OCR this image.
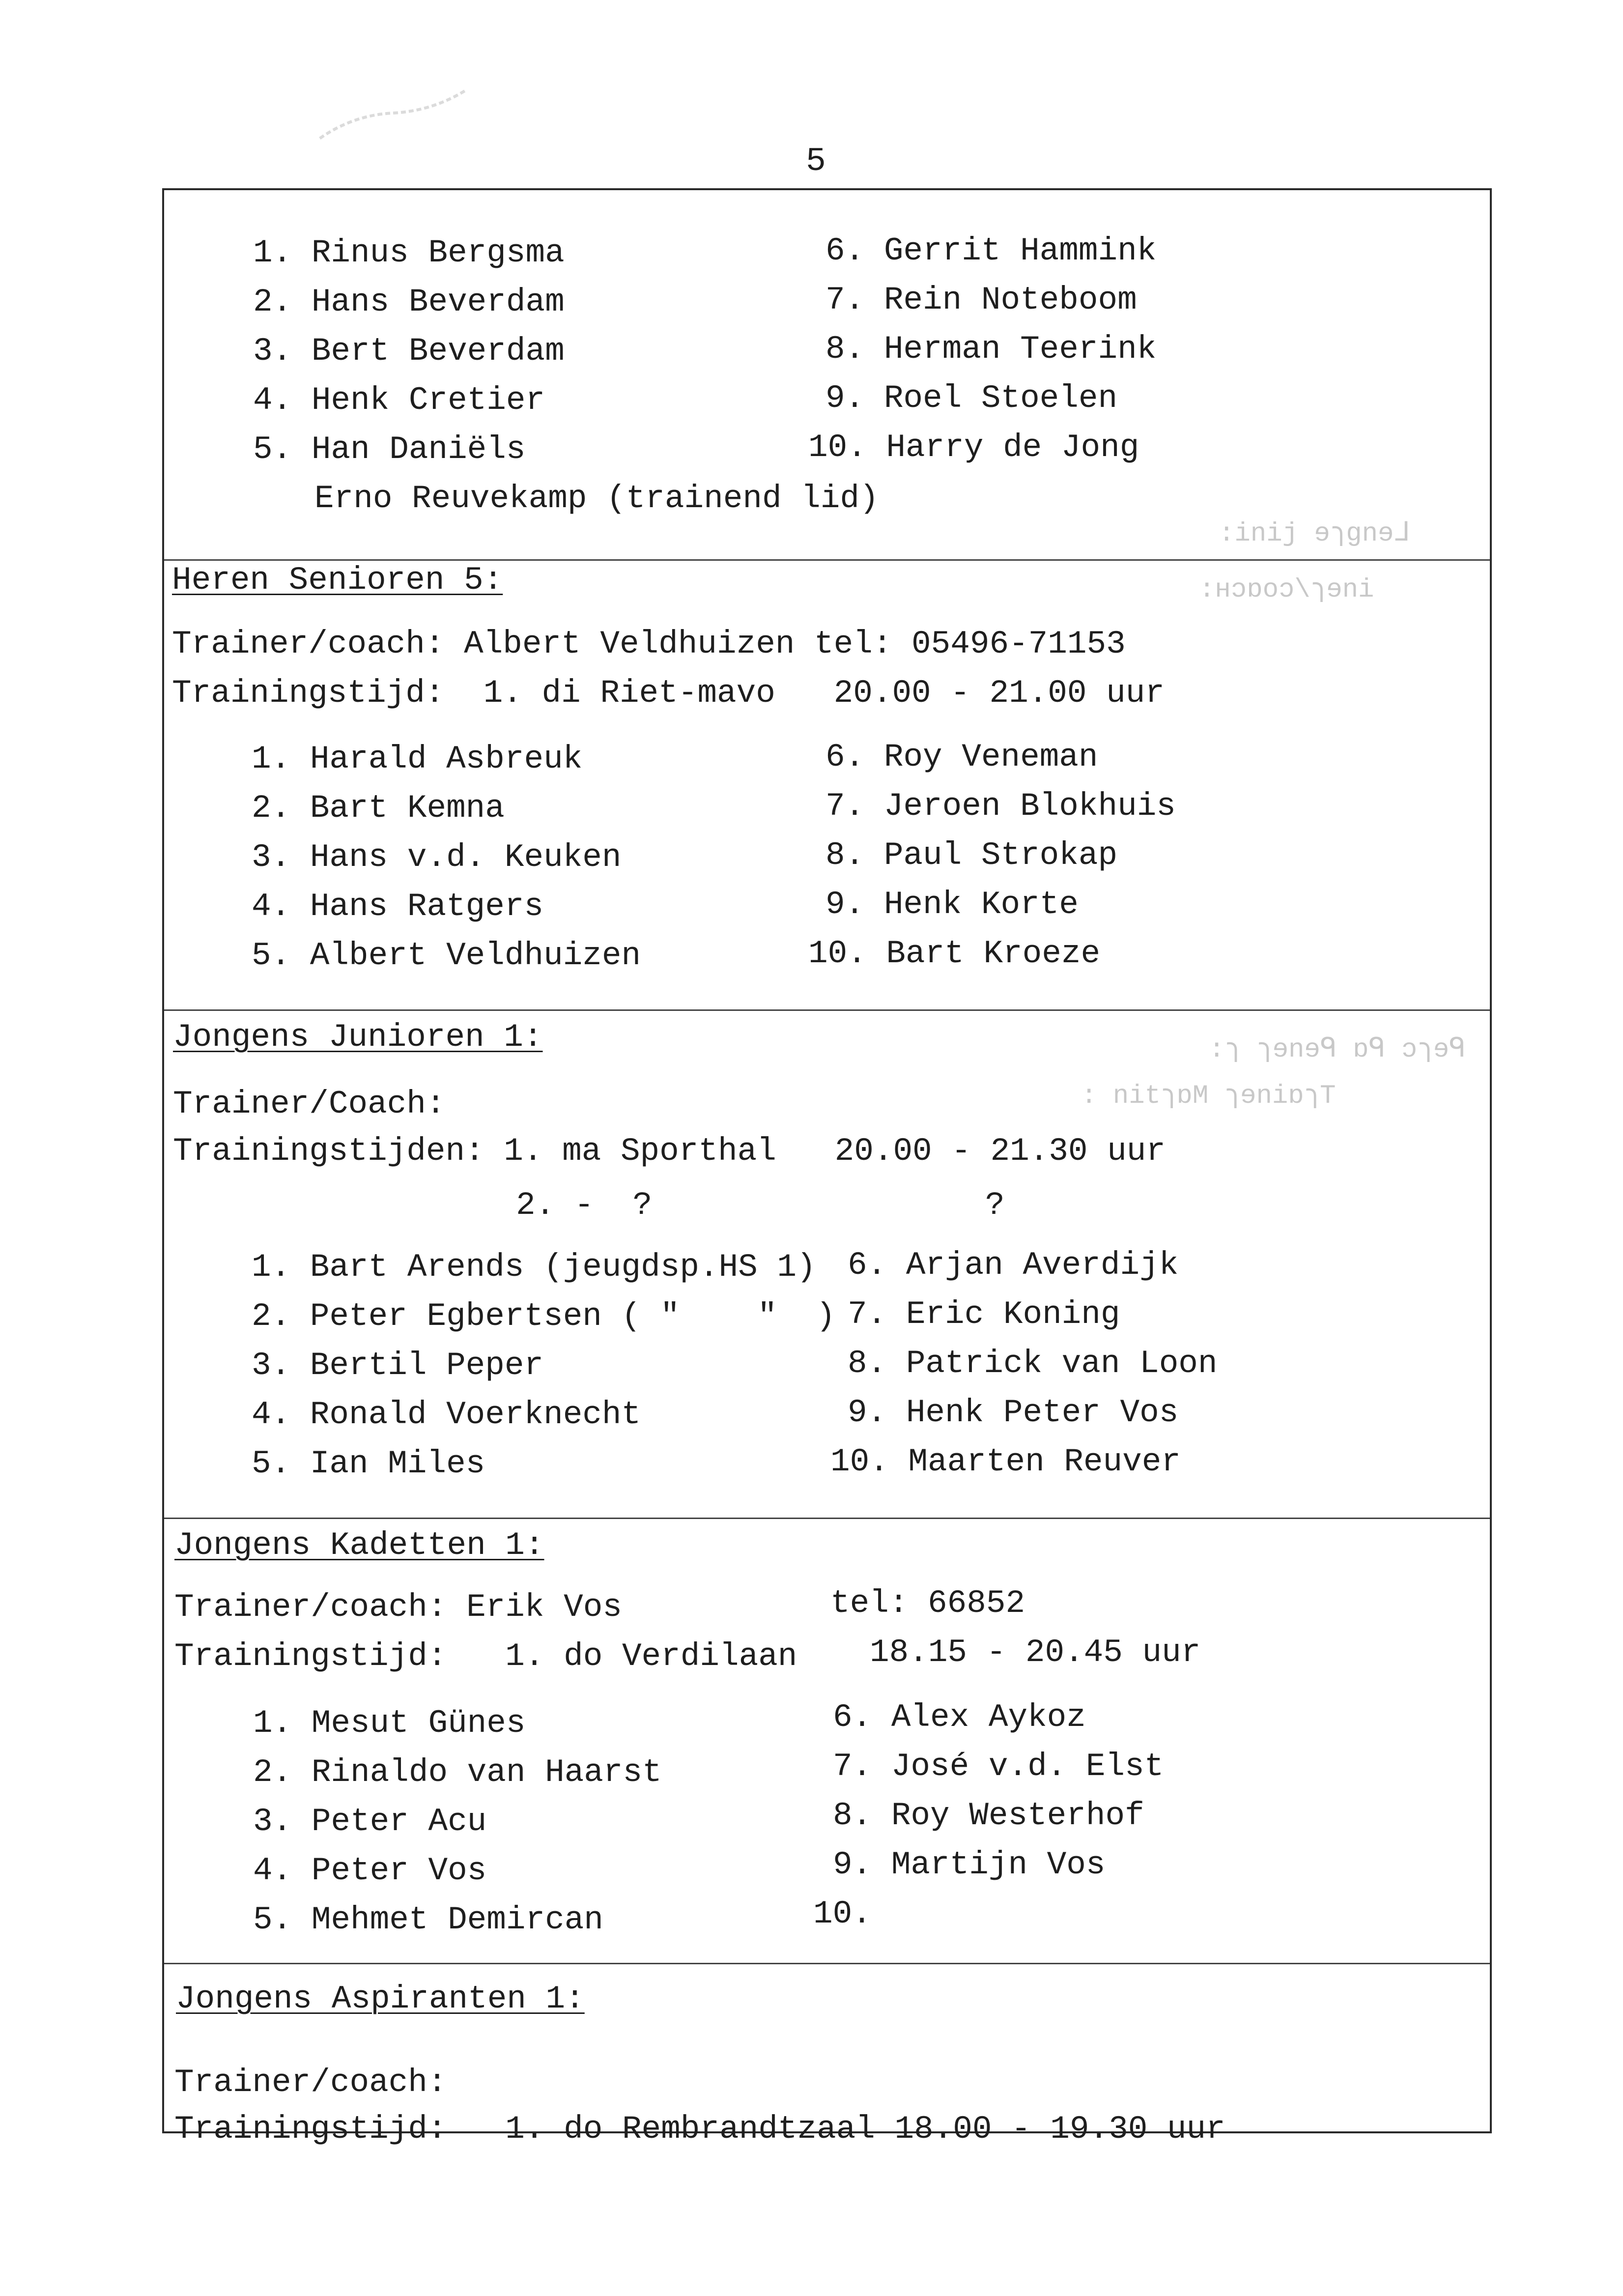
5
:inij ɘɿgnɘᒧ
:ʜɔɒoɔ\ɿɘni
:ɿ ɿɘnɘᑫ ɒᑫ ɔɿɘᑫ
: nitɿɒM ɿɘniɒɿT
1. Rinus Bergsma
2. Hans Beverdam
3. Bert Beverdam
4. Henk Cretier
5. Han Daniëls
6. Gerrit Hammink
7. Rein Noteboom
8. Herman Teerink
9. Roel Stoelen
10. Harry de Jong
Erno Reuvekamp (trainend lid)
Heren Senioren 5:
Trainer/coach: Albert Veldhuizen tel: 05496-71153
Trainingstijd:  1. di Riet-mavo   20.00 - 21.00 uur
1. Harald Asbreuk
2. Bart Kemna
3. Hans v.d. Keuken
4. Hans Ratgers
5. Albert Veldhuizen
6. Roy Veneman
7. Jeroen Blokhuis
8. Paul Strokap
9. Henk Korte
10. Bart Kroeze
Jongens Junioren 1:
Trainer/Coach:
Trainingstijden: 1. ma Sporthal   20.00 - 21.30 uur
2. -  ?	?
1. Bart Arends (jeugdsp.HS 1)
2. Peter Egbertsen ( "    "  )
3. Bertil Peper
4. Ronald Voerknecht
5. Ian Miles
6. Arjan Averdijk
7. Eric Koning
8. Patrick van Loon
9. Henk Peter Vos
10. Maarten Reuver
Jongens Kadetten 1:
Trainer/coach: Erik Vos	tel: 66852
Trainingstijd:   1. do Verdilaan 18.15 - 20.45 uur
1. Mesut Günes
2. Rinaldo van Haarst
3. Peter Acu
4. Peter Vos
5. Mehmet Demircan
6. Alex Aykoz
7. José v.d. Elst
8. Roy Westerhof
9. Martijn Vos
10.
Jongens Aspiranten 1:
Trainer/coach:
Trainingstijd:   1. do Rembrandtzaal 18.00 - 19.30 uur
